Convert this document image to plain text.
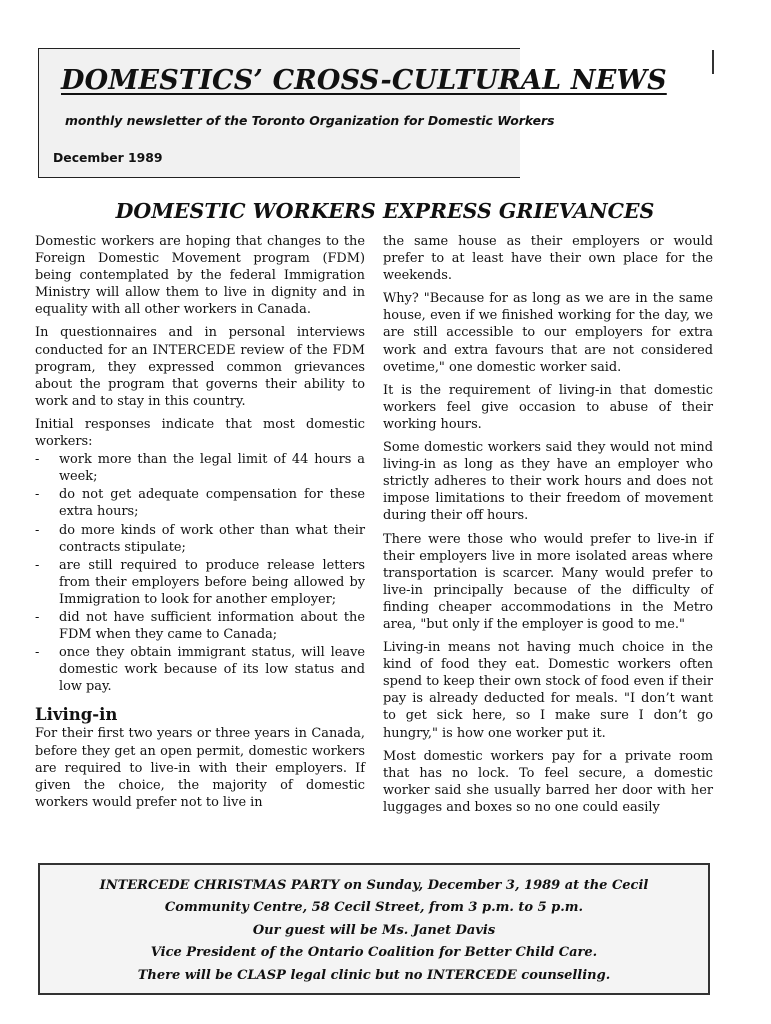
DOMESTICS’ CROSS-CULTURAL NEWS
monthly newsletter of the Toronto Organization for Domestic Workers
December 1989
DOMESTIC WORKERS EXPRESS GRIEVANCES

Domestic workers are hoping that changes to the Foreign Domestic Movement program (FDM) being contemplated by the federal Immigration Ministry will allow them to live in dignity and in equality with all other workers in Canada.

In questionnaires and in personal interviews conducted for an INTERCEDE review of the FDM program, they expressed common grievances about the program that governs their ability to work and to stay in this country.

Initial responses indicate that most domestic workers:

- work more than the legal limit of 44 hours a week;
- do not get adequate compensation for these extra hours;
- do more kinds of work other than what their contracts stipulate;
- are still required to produce release letters from their employers before being allowed by Immigration to look for another employer;
- did not have sufficient information about the FDM when they came to Canada;
- once they obtain immigrant status, will leave domestic work because of its low status and low pay.
Living-in

For their first two years or three years in Canada, before they get an open permit, domestic workers are required to live-in with their employers. If given the choice, the majority of domestic workers would prefer not to live in

the same house as their employers or would prefer to at least have their own place for the weekends.

Why? "Because for as long as we are in the same house, even if we finished working for the day, we are still accessible to our employers for extra work and extra favours that are not considered ovetime," one domestic worker said.

It is the requirement of living-in that domestic workers feel give occasion to abuse of their working hours.

Some domestic workers said they would not mind living-in as long as they have an employer who strictly adheres to their work hours and does not impose limitations to their freedom of movement during their off hours.

There were those who would prefer to live-in if their employers live in more isolated areas where transportation is scarcer. Many would prefer to live-in principally because of the difficulty of finding cheaper accommodations in the Metro area, "but only if the employer is good to me."

Living-in means not having much choice in the kind of food they eat. Domestic workers often spend to keep their own stock of food even if their pay is already deducted for meals. "I don’t want to get sick here, so I make sure I don’t go hungry," is how one worker put it.

Most domestic workers pay for a private room that has no lock. To feel secure, a domestic worker said she usually barred her door with her luggages and boxes so no one could easily

INTERCEDE CHRISTMAS PARTY on Sunday, December 3, 1989 at the Cecil

Community Centre, 58 Cecil Street, from 3 p.m. to 5 p.m.

Our guest will be Ms. Janet Davis

Vice President of the Ontario Coalition for Better Child Care.

There will be CLASP legal clinic but no INTERCEDE counselling.
